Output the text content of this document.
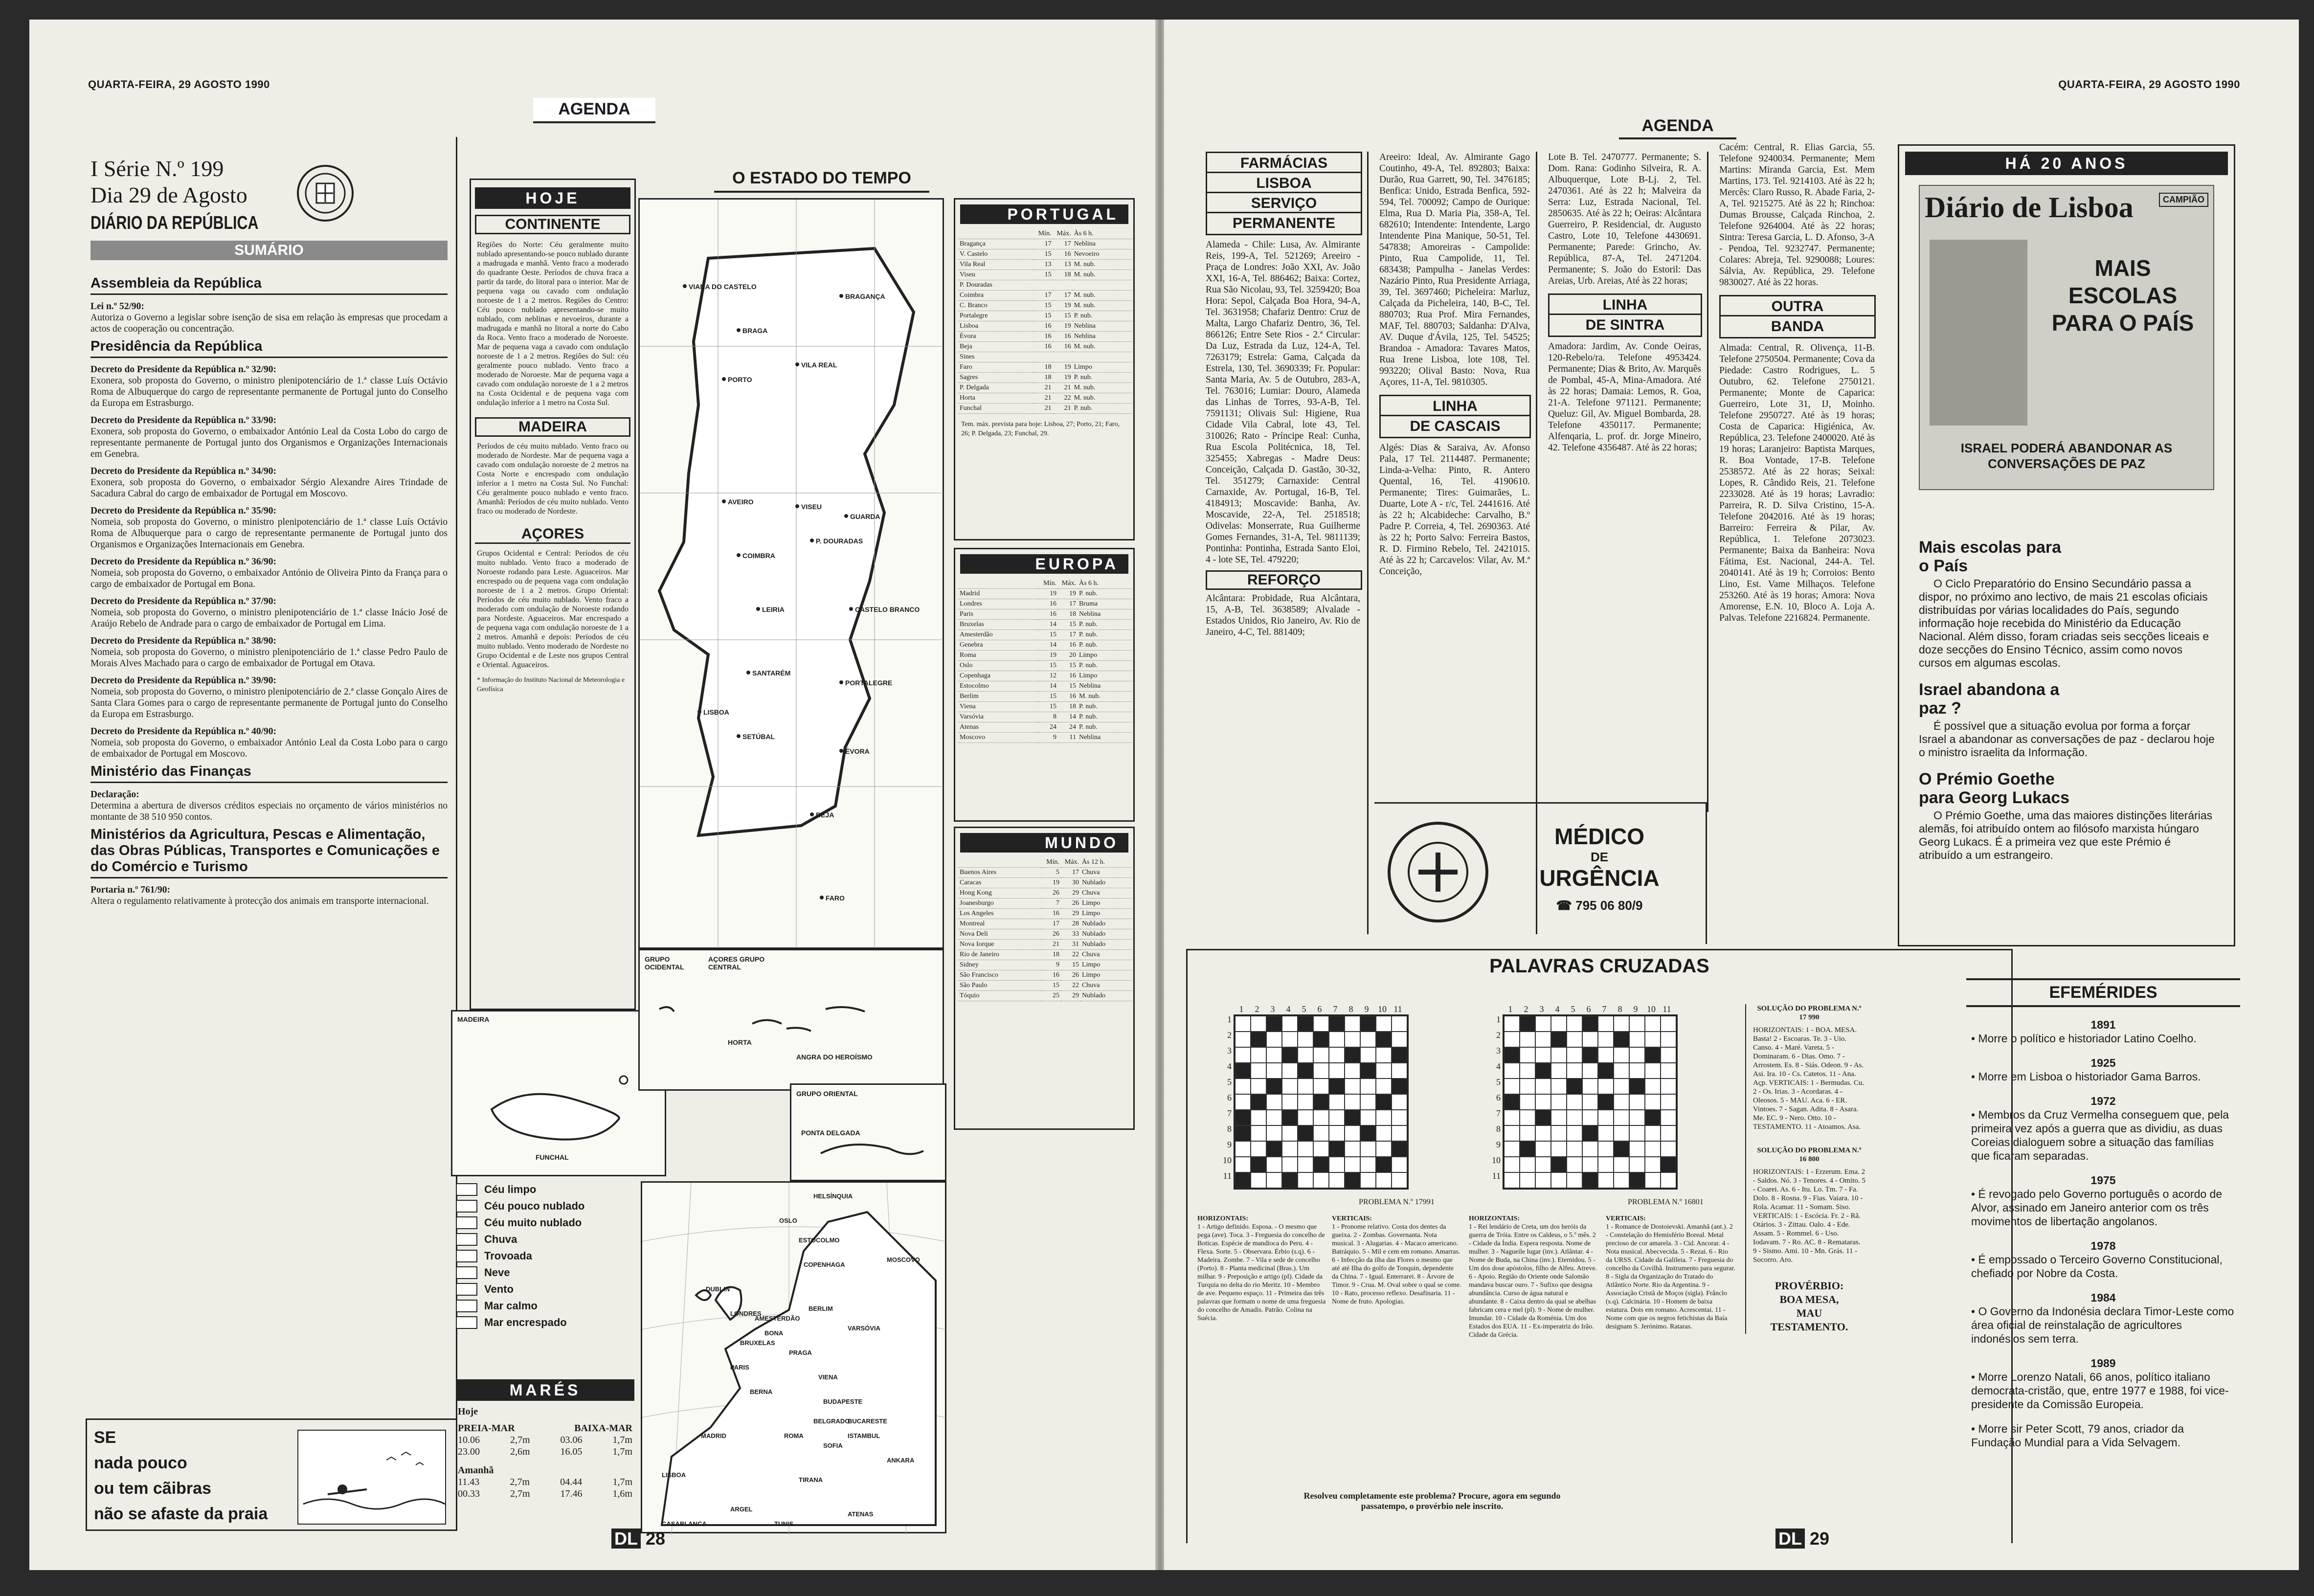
QUARTA-FEIRA, 29 AGOSTO 1990
AGENDA
I Série N.º 199
Dia 29 de Agosto
DIÁRIO DA REPÚBLICA
SUMÁRIO
Assembleia da República
Lei n.º 52/90:
Autoriza o Governo a legislar sobre isenção de sisa em relação às empresas que procedam a actos de cooperação ou concentração.
Presidência da República
Decreto do Presidente da República n.º 32/90:
Exonera, sob proposta do Governo, o ministro plenipotenciário de 1.ª classe Luís Octávio Roma de Albuquerque do cargo de representante permanente de Portugal junto do Conselho da Europa em Estrasburgo.
Decreto do Presidente da República n.º 33/90:
Exonera, sob proposta do Governo, o embaixador António Leal da Costa Lobo do cargo de representante permanente de Portugal junto dos Organismos e Organizações Internacionais em Genebra.
Decreto do Presidente da República n.º 34/90:
Exonera, sob proposta do Governo, o embaixador Sérgio Alexandre Aires Trindade de Sacadura Cabral do cargo de embaixador de Portugal em Moscovo.
Decreto do Presidente da República n.º 35/90:
Nomeia, sob proposta do Governo, o ministro plenipotenciário de 1.ª classe Luís Octávio Roma de Albuquerque para o cargo de representante permanente de Portugal junto dos Organismos e Organizações Internacionais em Genebra.
Decreto do Presidente da República n.º 36/90:
Nomeia, sob proposta do Governo, o embaixador António de Oliveira Pinto da França para o cargo de embaixador de Portugal em Bona.
Decreto do Presidente da República n.º 37/90:
Nomeia, sob proposta do Governo, o ministro plenipotenciário de 1.ª classe Inácio José de Araújo Rebelo de Andrade para o cargo de embaixador de Portugal em Lima.
Decreto do Presidente da República n.º 38/90:
Nomeia, sob proposta do Governo, o ministro plenipotenciário de 1.ª classe Pedro Paulo de Morais Alves Machado para o cargo de embaixador de Portugal em Otava.
Decreto do Presidente da República n.º 39/90:
Nomeia, sob proposta do Governo, o ministro plenipotenciário de 2.ª classe Gonçalo Aires de Santa Clara Gomes para o cargo de representante permanente de Portugal junto do Conselho da Europa em Estrasburgo.
Decreto do Presidente da República n.º 40/90:
Nomeia, sob proposta do Governo, o embaixador António Leal da Costa Lobo para o cargo de embaixador de Portugal em Moscovo.
Ministério das Finanças
Declaração:
Determina a abertura de diversos créditos especiais no orçamento de vários ministérios no montante de 38 510 950 contos.
Ministérios da Agricultura, Pescas e Alimentação, das Obras Públicas, Transportes e Comunicações e do Comércio e Turismo
Portaria n.º 761/90:
Altera o regulamento relativamente à protecção dos animais em transporte internacional.
SE
nada pouco
ou tem cãibras
não se afaste da praia
HOJE
CONTINENTE
Regiões do Norte: Céu geralmente muito nublado apresentando-se pouco nublado durante a madrugada e manhã. Vento fraco a moderado do quadrante Oeste. Períodos de chuva fraca a partir da tarde, do litoral para o interior. Mar de pequena vaga ou cavado com ondulação noroeste de 1 a 2 metros. Regiões do Centro: Céu pouco nublado apresentando-se muito nublado, com neblinas e nevoeiros, durante a madrugada e manhã no litoral a norte do Cabo da Roca. Vento fraco a moderado de Noroeste. Mar de pequena vaga a cavado com ondulação noroeste de 1 a 2 metros. Regiões do Sul: céu geralmente pouco nublado. Vento fraco a moderado de Noroeste. Mar de pequena vaga a cavado com ondulação noroeste de 1 a 2 metros na Costa Ocidental e de pequena vaga com ondulação inferior a 1 metro na Costa Sul.
MADEIRA
Períodos de céu muito nublado. Vento fraco ou moderado de Nordeste. Mar de pequena vaga a cavado com ondulação noroeste de 2 metros na Costa Norte e encrespado com ondulação inferior a 1 metro na Costa Sul. No Funchal: Céu geralmente pouco nublado e vento fraco. Amanhã: Períodos de céu muito nublado. Vento fraco ou moderado de Nordeste.
AÇORES
Grupos Ocidental e Central: Períodos de céu muito nublado. Vento fraco a moderado de Noroeste rodando para Leste. Aguaceiros. Mar encrespado ou de pequena vaga com ondulação noroeste de 1 a 2 metros. Grupo Oriental: Períodos de céu muito nublado. Vento fraco a moderado com ondulação de Noroeste rodando para Nordeste. Aguaceiros. Mar encrespado a de pequena vaga com ondulação noroeste de 1 a 2 metros. Amanhã e depois: Períodos de céu muito nublado. Vento moderado de Nordeste no Grupo Ocidental e de Leste nos grupos Central e Oriental. Aguaceiros.
* Informação do Instituto Nacional de Meteorologia e Geofísica
O ESTADO DO TEMPO
VIANA DO CASTELO
BRAGANÇA
BRAGA
PORTO
VILA REAL
AVEIRO
VISEU
GUARDA
COIMBRA
P. DOURADAS
CASTELO BRANCO
LEIRIA
SANTARÉM
PORTALEGRE
LISBOA
SETÚBAL
ÉVORA
BEJA
FARO
MADEIRA
FUNCHAL
GRUPO OCIDENTAL
AÇORES GRUPO CENTRAL
HORTA
ANGRA DO HEROÍSMO
GRUPO ORIENTAL
PONTA DELGADA
Céu limpo
Céu pouco nublado
Céu muito nublado
Chuva
Trovoada
Neve
Vento
Mar calmo
Mar encrespado
MARÉS
Hoje
PREIA-MAR	BAIXA-MAR
10.06	2,7m	03.06	1,7m
23.00	2,6m	16.05	1,7m
Amanhã
11.43	2,7m	04.44	1,7m
00.33	2,7m	17.46	1,6m
HELSÍNQUIA
OSLO
ESTOCOLMO
MOSCOVO
COPENHAGA
DUBLIN
LONDRES
AMESTERDÃO
BERLIM
VARSÓVIA
BRUXELAS
BONA
PARIS
PRAGA
VIENA
BERNA
BUDAPESTE
MADRID	ROMA
BELGRADO
BUCARESTE
SOFIA
ISTAMBUL
LISBOA
TIRANA
ANKARA
ARGEL
TUNIS
ATENAS
CASABLANCA
PORTUGAL
	Mín.	Máx.	Às 6 h.
Bragança	17	17	Neblina
V. Castelo	15	16	Nevoeiro
Vila Real	13	13	M. nub.
Viseu	15	18	M. nub.
P. Douradas			
Coimbra	17	17	M. nub.
C. Branco	15	19	M. nub.
Portalegre	15	15	P. nub.
Lisboa	16	19	Neblina
Évora	16	16	Neblina
Beja	16	16	M. nub.
Sines			
Faro	18	19	Limpo
Sagres	18	19	P. nub.
P. Delgada	21	21	M. nub.
Horta	21	22	M. nub.
Funchal	21	21	P. nub.
Tem. máx. prevista para hoje: Lisboa, 27; Porto, 21; Faro, 26; P. Delgada, 23; Funchal, 29.
EUROPA
	Mín.	Máx.	Às 6 h.
Madrid	19	19	P. nub.
Londres	16	17	Bruma
Paris	16	18	Neblina
Bruxelas	14	15	P. nub.
Amesterdão	15	17	P. nub.
Genebra	14	16	P. nub.
Roma	19	20	Limpo
Oslo	15	15	P. nub.
Copenhaga	12	16	Limpo
Estocolmo	14	15	Neblina
Berlim	15	16	M. nub.
Viena	15	18	P. nub.
Varsóvia	8	14	P. nub.
Atenas	24	24	P. nub.
Moscovo	9	11	Neblina
MUNDO
	Mín.	Máx.	Às 12 h.
Buenos Aires	5	17	Chuva
Caracas	19	30	Nublado
Hong Kong	26	29	Chuva
Joanesburgo	7	26	Limpo
Los Angeles	16	29	Limpo
Montreal	17	28	Nublado
Nova Deli	26	33	Nublado
Nova Iorque	21	31	Nublado
Rio de Janeiro	18	22	Chuva
Sidney	9	15	Limpo
São Francisco	16	26	Limpo
São Paulo	15	22	Chuva
Tóquio	25	29	Nublado
DL 28
QUARTA-FEIRA, 29 AGOSTO 1990
AGENDA
FARMÁCIAS
LISBOA
SERVIÇO
PERMANENTE
Alameda - Chile: Lusa, Av. Almirante Reis, 199-A, Tel. 521269; Areeiro - Praça de Londres: João XXI, Av. João XXI, 16-A, Tel. 886462; Baixa: Cortez, Rua São Nicolau, 93, Tel. 3259420; Boa Hora: Sepol, Calçada Boa Hora, 94-A, Tel. 3631958; Chafariz Dentro: Cruz de Malta, Largo Chafariz Dentro, 36, Tel. 866126; Entre Sete Rios - 2.ª Circular: Da Luz, Estrada da Luz, 124-A, Tel. 7263179; Estrela: Gama, Calçada da Estrela, 130, Tel. 3690339; Fr. Popular: Santa Maria, Av. 5 de Outubro, 283-A, Tel. 763016; Lumiar: Douro, Alameda das Linhas de Torres, 93-A-B, Tel. 7591131; Olivais Sul: Higiene, Rua Cidade Vila Cabral, lote 43, Tel. 310026; Rato - Príncipe Real: Cunha, Rua Escola Politécnica, 18, Tel. 325455; Xabregas - Madre Deus: Conceição, Calçada D. Gastão, 30-32, Tel. 351279; Carnaxide: Central Carnaxide, Av. Portugal, 16-B, Tel. 4184913; Moscavide: Banha, Av. Moscavide, 22-A, Tel. 2518518; Odivelas: Monserrate, Rua Guilherme Gomes Fernandes, 31-A, Tel. 9811139; Pontinha: Pontinha, Estrada Santo Eloi, 4 - lote SE, Tel. 479220;
REFORÇO
Alcântara: Probidade, Rua Alcântara, 15, A-B, Tel. 3638589; Alvalade - Estados Unidos, Rio Janeiro, Av. Rio de Janeiro, 4-C, Tel. 881409;
Areeiro: Ideal, Av. Almirante Gago Coutinho, 49-A, Tel. 892803; Baixa: Durão, Rua Garrett, 90, Tel. 3476185; Benfica: Unido, Estrada Benfica, 592-594, Tel. 700092; Campo de Ourique: Elma, Rua D. Maria Pia, 358-A, Tel. 682610; Intendente: Intendente, Largo Intendente Pina Manique, 50-51, Tel. 547838; Amoreiras - Campolide: Pinto, Rua Campolide, 11, Tel. 683438; Pampulha - Janelas Verdes: Nazário Pinto, Rua Presidente Arriaga, 39, Tel. 3697460; Picheleira: Marluz, Calçada da Picheleira, 140, B-C, Tel. 880703; Rua Prof. Mira Fernandes, MAF, Tel. 880703; Saldanha: D'Alva, AV. Duque d'Ávila, 125, Tel. 54525; Brandoa - Amadora: Tavares Matos, Rua Irene Lisboa, lote 108, Tel. 993220; Olival Basto: Nova, Rua Açores, 11-A, Tel. 9810305.
LINHA
DE CASCAIS
Algés: Dias & Saraiva, Av. Afonso Pala, 17 Tel. 2114487. Permanente; Linda-a-Velha: Pinto, R. Antero Quental, 16, Tel. 4190610. Permanente; Tires: Guimarães, L. Duarte, Lote A - r/c, Tel. 2441616. Até às 22 h; Alcabideche: Carvalho, B.º Padre P. Correia, 4, Tel. 2690363. Até às 22 h; Porto Salvo: Ferreira Bastos, R. D. Firmino Rebelo, Tel. 2421015. Até às 22 h; Carcavelos: Vilar, Av. M.ª Conceição,
Lote B. Tel. 2470777. Permanente; S. Dom. Rana: Godinho Silveira, R. A. Albuquerque, Lote B-Lj. 2, Tel. 2470361. Até às 22 h; Malveira da Serra: Luz, Estrada Nacional, Tel. 2850635. Até às 22 h; Oeiras: Alcântara Guerreiro, P. Residencial, dr. Augusto Castro, Lote 10, Telefone 4430691. Permanente; Parede: Grincho, Av. República, 87-A, Tel. 2471204. Permanente; S. João do Estoril: Das Areias, Urb. Areias, Até às 22 horas;
LINHA
DE SINTRA
Amadora: Jardim, Av. Conde Oeiras, 120-Rebelo/ra. Telefone 4953424. Permanente; Dias & Brito, Av. Marquês de Pombal, 45-A, Mina-Amadora. Até às 22 horas; Damaia: Lemos, R. Goa, 21-A. Telefone 971121. Permanente; Queluz: Gil, Av. Miguel Bombarda, 28. Telefone 4350117. Permanente; Alfenqaria, L. prof. dr. Jorge Mineiro, 42. Telefone 4356487. Até às 22 horas;
Cacém: Central, R. Elias Garcia, 55. Telefone 9240034. Permanente; Mem Martins: Miranda Garcia, Est. Mem Martins, 173. Tel. 9214103. Até às 22 h; Mercês: Claro Russo, R. Abade Faria, 2-A, Tel. 9215275. Até às 22 h; Rinchoa: Dumas Brousse, Calçada Rinchoa, 2. Telefone 9264004. Até às 22 horas; Sintra: Teresa Garcia, L. D. Afonso, 3-A - Pendoa, Tel. 9232747. Permanente; Colares: Abreja, Tel. 9290088; Loures: Sálvia, Av. República, 29. Telefone 9830027. Até às 22 horas.
OUTRA
BANDA
Almada: Central, R. Olivença, 11-B. Telefone 2750504. Permanente; Cova da Piedade: Castro Rodrigues, L. 5 Outubro, 62. Telefone 2750121. Permanente; Monte de Caparica: Guerreiro, Lote 31, IJ, Moinho. Telefone 2950727. Até às 19 horas; Costa de Caparica: Higiénica, Av. República, 23. Telefone 2400020. Até às 19 horas; Laranjeiro: Baptista Marques, R. Boa Vontade, 17-B. Telefone 2538572. Até às 22 horas; Seixal: Lopes, R. Cândido Reis, 21. Telefone 2233028. Até às 19 horas; Lavradio: Parreira, R. D. Silva Cristino, 15-A. Telefone 2042016. Até às 19 horas; Barreiro: Ferreira & Pilar, Av. República, 1. Telefone 2073023. Permanente; Baixa da Banheira: Nova Fátima, Est. Nacional, 244-A. Tel. 2040141. Até às 19 h; Corroios: Bento Lino, Est. Vame Milhaços. Telefone 253260. Até às 19 horas; Amora: Nova Amorense, E.N. 10, Bloco A. Loja A. Palvas. Telefone 2216824. Permanente.
MÉDICO
DE
URGÊNCIA
☎ 795 06 80/9
PALAVRAS CRUZADAS
1	2	3	4	5	6	7	8	9	10 11
1
2
3
4
5
6
7
8
9
10
11
1	2	3	4	5	6	7	8	9	10 11
1
2
3
4
5
6
7
8
9
10
11
PROBLEMA N.º 17991	PROBLEMA N.º 16801
HORIZONTAIS:
1 - Artigo definido. Esposa. - O mesmo que pega (ave). Toca. 3 - Freguesia do concelho de Boticas. Espécie de mandioca do Peru. 4 - Flexa. Sorte. 5 - Observara. Érbio (s.q). 6 - Madeira. Zombe. 7 - Vila e sede de concelho (Porto). 8 - Planta medicinal (Bras.). Um milhar. 9 - Preposição e artigo (pl). Cidade da Turquia no delta do rio Meritz. 10 - Membro de ave. Pequeno espaço. 11 - Primeira das três palavras que formam o nome de uma freguesia do concelho de Amadis. Patrão. Colina na Suécia.
VERTICAIS:
1 - Pronome relativo. Costa dos dentes da gueixa. 2 - Zombas. Governanta. Nota musical. 3 - Alugarias. 4 - Macaco americano. Batráquio. 5 - Mil e cem em romano. Amarras. 6 - Infecção da ilha das Flores o mesmo que até até Ilha do golfo de Tonquin, dependente da China. 7 - Igual. Enterrarei. 8 - Árvore de Timor. 9 - Crua. M. Oval sobre o qual se come. 10 - Rato, processo reflexo. Desafinaria. 11 - Nome de fruto. Apologias.
HORIZONTAIS:
1 - Rei lendário de Creta, um dos heróis da guerra de Tróia. Entre os Caldeus, o 5.º mês. 2 - Cidade da Índia. Espera resposta. Nome de mulher. 3 - Nagueile lugar (inv.). Atlântar. 4 - Nome de Buda, na China (inv.). Eternidou. 5 - Um dos dose apóstolos, filho de Alfeu. Atreve. 6 - Apoio. Região do Oriente onde Salomão mandava buscar ouro. 7 - Sufixo que designa abundância. Curso de água natural e abundante. 8 - Caixa dentro da qual se abelhas fabricam cera e mel (pl). 9 - Nome de mulher. Imundar. 10 - Cidade da Roménia. Um dos Estados dos EUA. 11 - Ex-imperatriz do Irão. Cidade da Grécia.
VERTICAIS:
1 - Romance de Dostoievski. Amanhã (ant.). 2 - Constelação do Hemisfério Boreal. Metal precioso de cor amarela. 3 - Cid. Ancorar. 4 - Nota musical. Abecvecida. 5 - Rezai. 6 - Rio da URSS. Cidade da Galileia. 7 - Freguesia do concelho da Covilhã. Instrumento para segurar. 8 - Sigla da Organização do Tratado do Atlântico Norte. Rio da Argentina. 9 - Associação Cristã de Moços (sigla). Frânclo (s.q). Calcinária. 10 - Homem de baixa estatura. Dois em romano. Acrescentai. 11 - Nome com que os negros fetichistas da Baía designam S. Jerónimo. Rataras.
Resolveu completamente este problema? Procure, agora em segundo passatempo, o provérbio nele inscrito.
SOLUÇÃO DO PROBLEMA N.º 17 990
HORIZONTAIS: 1 - BOA. MESA. Basta! 2 - Escoaras. Te. 3 - Uio. Canso. 4 - Maré. Vareta. 5 - Dominaram. 6 - Dias. Omo. 7 - Arrostem. Es. 8 - Siás. Odeon. 9 - As. Asi. Ira. 10 - Cs. Catetos. 11 - Ana. Açp. VERTICAIS: 1 - Bermudas. Cu. 2 - Os. Irias. 3 - Acordaras. 4 - Oleosos. 5 - MAU. Aca. 6 - ER. Vintoes. 7 - Sagan. Adita. 8 - Asara. Me. EC. 9 - Nero. Otto. 10 - TESTAMENTO. 11 - Atoamos. Asa.
SOLUÇÃO DO PROBLEMA N.º 16 800
HORIZONTAIS: 1 - Erzerum. Ema. 2 - Saldos. Nó. 3 - Tenores. 4 - Omito. 5 - Coarei. As. 6 - Itu. Lo. Tm. 7 - Fa. Dolo. 8 - Rosna. 9 - Fias. Vaiara. 10 - Rola. Acamar. 11 - Somam. Siso. VERTICAIS: 1 - Escócia. Fr. 2 - Rã. Otários. 3 - Zittau. Oalo. 4 - Ede. Assam. 5 - Rommel. 6 - Uso. Iodavam. 7 - Ro. AC. 8 - Remataras. 9 - Sismo. Ami. 10 - Mn. Grás. 11 - Socorro. Aro.
PROVÉRBIO:
BOA MESA,
MAU
TESTAMENTO.
HÁ 20 ANOS
Diário de Lisboa	CAMPIÃO
MAIS ESCOLAS PARA O PAÍS
ISRAEL PODERÁ ABANDONAR AS CONVERSAÇÕES DE PAZ
Mais escolas para o País
O Ciclo Preparatório do Ensino Secundário passa a dispor, no próximo ano lectivo, de mais 21 escolas oficiais distribuídas por várias localidades do País, segundo informação hoje recebida do Ministério da Educação Nacional. Além disso, foram criadas seis secções liceais e doze secções do Ensino Técnico, assim como novos cursos em algumas escolas.
Israel abandona a paz ?
É possível que a situação evolua por forma a forçar Israel a abandonar as conversações de paz - declarou hoje o ministro israelita da Informação.
O Prémio Goethe para Georg Lukacs
O Prémio Goethe, uma das maiores distinções literárias alemãs, foi atribuído ontem ao filósofo marxista húngaro Georg Lukacs. É a primeira vez que este Prémio é atribuído a um estrangeiro.
EFEMÉRIDES
1891
• Morre o político e historiador Latino Coelho.
1925
• Morre em Lisboa o historiador Gama Barros.
1972
• Membros da Cruz Vermelha conseguem que, pela primeira vez após a guerra que as dividiu, as duas Coreias dialoguem sobre a situação das famílias que ficaram separadas.
1975
• É revogado pelo Governo português o acordo de Alvor, assinado em Janeiro anterior com os três movimentos de libertação angolanos.
1978
• É empossado o Terceiro Governo Constitucional, chefiado por Nobre da Costa.
1984
• O Governo da Indonésia declara Timor-Leste como área oficial de reinstalação de agricultores indonésios sem terra.
1989
• Morre Lorenzo Natali, 66 anos, político italiano democrata-cristão, que, entre 1977 e 1988, foi vice-presidente da Comissão Europeia.
• Morre sir Peter Scott, 79 anos, criador da Fundação Mundial para a Vida Selvagem.
DL 29
